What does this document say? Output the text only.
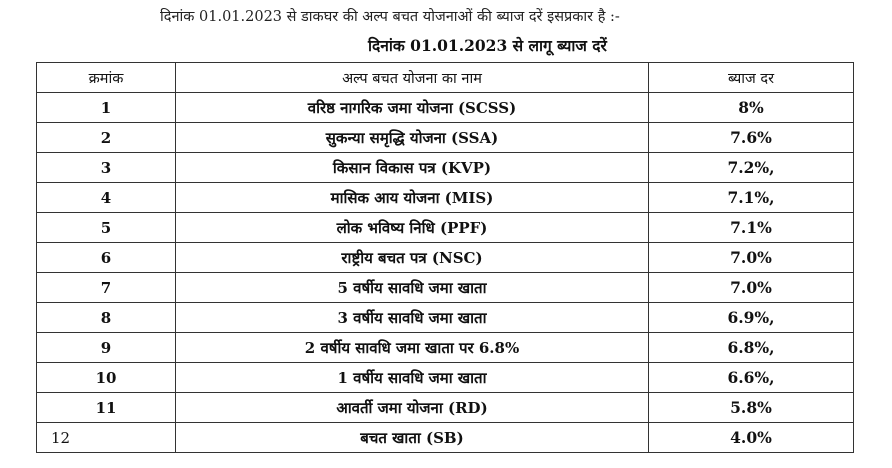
दिनांक 01.01.2023 से डाकघर की अल्प बचत योजनाओं की ब्याज दरें इसप्रकार है :-
दिनांक 01.01.2023 से लागू ब्याज दरें
क्रमांक	अल्प बचत योजना का नाम	ब्याज दर
1	वरिष्ठ नागरिक जमा योजना (SCSS)	8%
2	सुकन्या समृद्धि योजना (SSA)	7.6%
3	किसान विकास पत्र (KVP)	7.2%,
4	मासिक आय योजना (MIS)	7.1%,
5	लोक भविष्य निधि (PPF)	7.1%
6	राष्ट्रीय बचत पत्र (NSC)	7.0%
7	5 वर्षीय सावधि जमा खाता	7.0%
8	3 वर्षीय सावधि जमा खाता	6.9%,
9	2 वर्षीय सावधि जमा खाता पर 6.8%	6.8%,
10	1 वर्षीय सावधि जमा खाता	6.6%,
11	आवर्ती जमा योजना (RD)	5.8%
12	बचत खाता (SB)	4.0%
